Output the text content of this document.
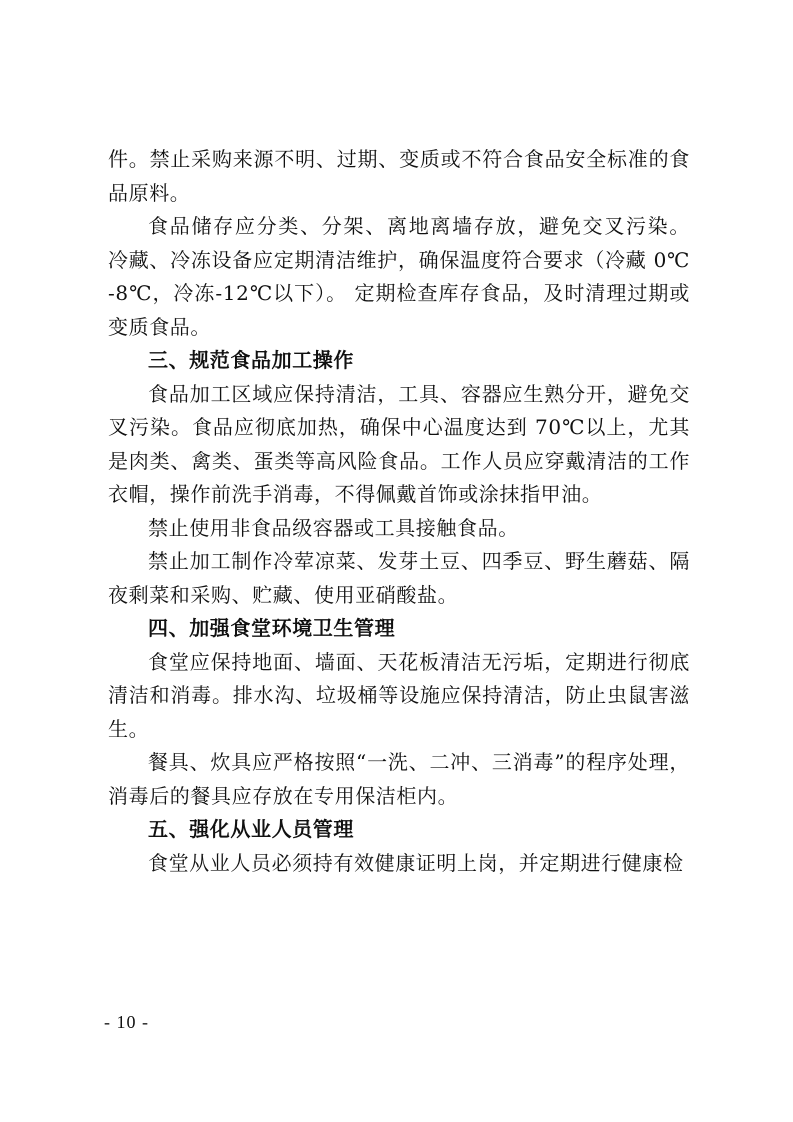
件。禁止采购来源不明、过期、变质或不符合食品安全标准的食品原料。

食品储存应分类、分架、离地离墙存放，避免交叉污染。 冷藏、冷冻设备应定期清洁维护，确保温度符合要求（冷藏 0℃-8℃，冷冻-12℃以下）。 定期检查库存食品，及时清理过期或变质食品。

三、规范食品加工操作

食品加工区域应保持清洁，工具、容器应生熟分开，避免交叉污染。食品应彻底加热，确保中心温度达到 70℃以上，尤其是肉类、禽类、蛋类等高风险食品。工作人员应穿戴清洁的工作衣帽，操作前洗手消毒，不得佩戴首饰或涂抹指甲油。

禁止使用非食品级容器或工具接触食品。

禁止加工制作冷荤凉菜、发芽土豆、四季豆、野生蘑菇、隔夜剩菜和采购、贮藏、使用亚硝酸盐。

四、加强食堂环境卫生管理

食堂应保持地面、墙面、天花板清洁无污垢，定期进行彻底清洁和消毒。排水沟、垃圾桶等设施应保持清洁，防止虫鼠害滋生。

餐具、炊具应严格按照“一洗、二冲、三消毒”的程序处理，消毒后的餐具应存放在专用保洁柜内。

五、强化从业人员管理

食堂从业人员必须持有效健康证明上岗，并定期进行健康检

- 10 -
